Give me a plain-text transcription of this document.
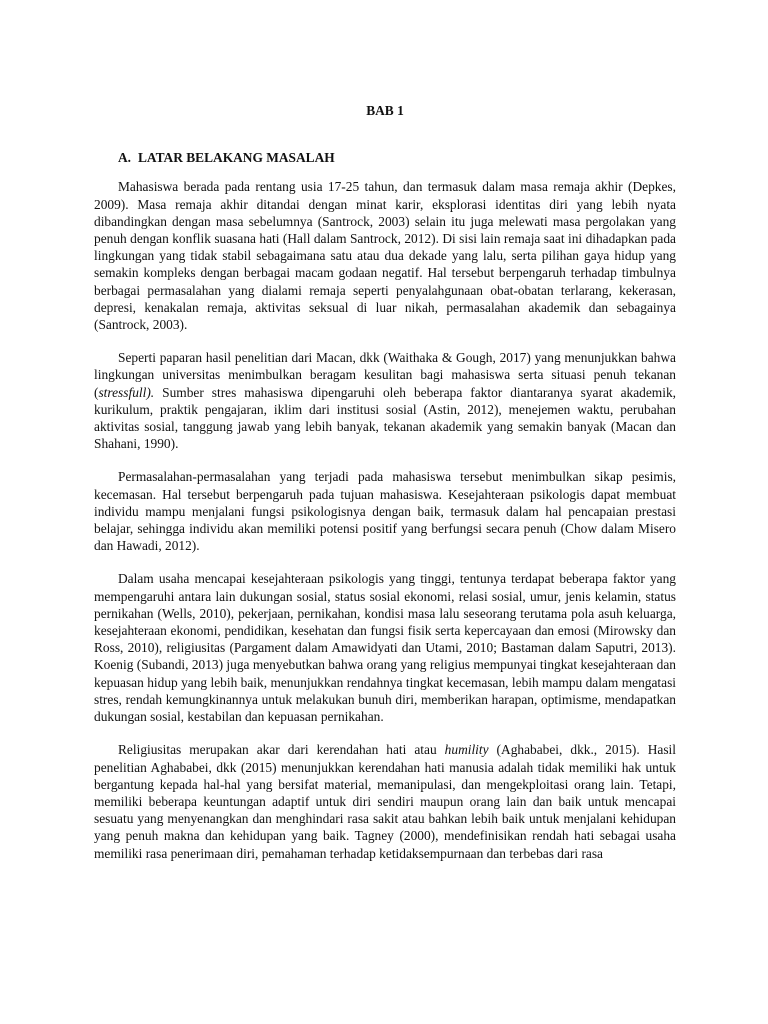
BAB 1
A. LATAR BELAKANG MASALAH

Mahasiswa berada pada rentang usia 17-25 tahun, dan termasuk dalam masa remaja akhir (Depkes, 2009). Masa remaja akhir ditandai dengan minat karir, eksplorasi identitas diri yang lebih nyata dibandingkan dengan masa sebelumnya (Santrock, 2003) selain itu juga melewati masa pergolakan yang penuh dengan konflik suasana hati (Hall dalam Santrock, 2012). Di sisi lain remaja saat ini dihadapkan pada lingkungan yang tidak stabil sebagaimana satu atau dua dekade yang lalu, serta pilihan gaya hidup yang semakin kompleks dengan berbagai macam godaan negatif. Hal tersebut berpengaruh terhadap timbulnya berbagai permasalahan yang dialami remaja seperti penyalahgunaan obat-obatan terlarang, kekerasan, depresi, kenakalan remaja, aktivitas seksual di luar nikah, permasalahan akademik dan sebagainya (Santrock, 2003).

Seperti paparan hasil penelitian dari Macan, dkk (Waithaka & Gough, 2017) yang menunjukkan bahwa lingkungan universitas menimbulkan beragam kesulitan bagi mahasiswa serta situasi penuh tekanan (stressfull). Sumber stres mahasiswa dipengaruhi oleh beberapa faktor diantaranya syarat akademik, kurikulum, praktik pengajaran, iklim dari institusi sosial (Astin, 2012), menejemen waktu, perubahan aktivitas sosial, tanggung jawab yang lebih banyak, tekanan akademik yang semakin banyak (Macan dan Shahani, 1990).

Permasalahan-permasalahan yang terjadi pada mahasiswa tersebut menimbulkan sikap pesimis, kecemasan. Hal tersebut berpengaruh pada tujuan mahasiswa. Kesejahteraan psikologis dapat membuat individu mampu menjalani fungsi psikologisnya dengan baik, termasuk dalam hal pencapaian prestasi belajar, sehingga individu akan memiliki potensi positif yang berfungsi secara penuh (Chow dalam Misero dan Hawadi, 2012).

Dalam usaha mencapai kesejahteraan psikologis yang tinggi, tentunya terdapat beberapa faktor yang mempengaruhi antara lain dukungan sosial, status sosial ekonomi, relasi sosial, umur, jenis kelamin, status pernikahan (Wells, 2010), pekerjaan, pernikahan, kondisi masa lalu seseorang terutama pola asuh keluarga, kesejahteraan ekonomi, pendidikan, kesehatan dan fungsi fisik serta kepercayaan dan emosi (Mirowsky dan Ross, 2010), religiusitas (Pargament dalam Amawidyati dan Utami, 2010; Bastaman dalam Saputri, 2013). Koenig (Subandi, 2013) juga menyebutkan bahwa orang yang religius mempunyai tingkat kesejahteraan dan kepuasan hidup yang lebih baik, menunjukkan rendahnya tingkat kecemasan, lebih mampu dalam mengatasi stres, rendah kemungkinannya untuk melakukan bunuh diri, memberikan harapan, optimisme, mendapatkan dukungan sosial, kestabilan dan kepuasan pernikahan.

Religiusitas merupakan akar dari kerendahan hati atau humility (Aghababei, dkk., 2015). Hasil penelitian Aghababei, dkk (2015) menunjukkan kerendahan hati manusia adalah tidak memiliki hak untuk bergantung kepada hal-hal yang bersifat material, memanipulasi, dan mengekploitasi orang lain. Tetapi, memiliki beberapa keuntungan adaptif untuk diri sendiri maupun orang lain dan baik untuk mencapai sesuatu yang menyenangkan dan menghindari rasa sakit atau bahkan lebih baik untuk menjalani kehidupan yang penuh makna dan kehidupan yang baik. Tagney (2000), mendefinisikan rendah hati sebagai usaha memiliki rasa penerimaan diri, pemahaman terhadap ketidaksempurnaan dan terbebas dari rasa
